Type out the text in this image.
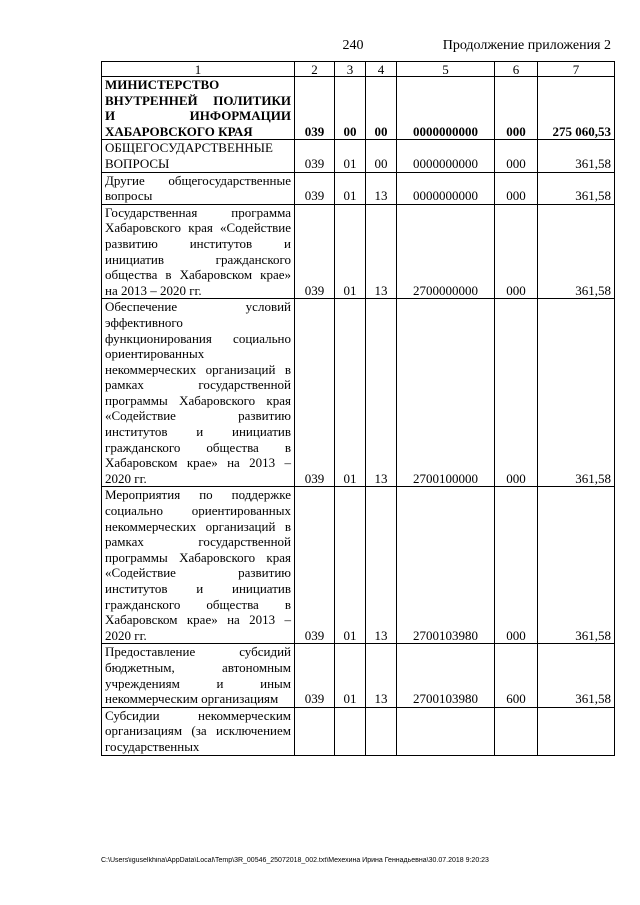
240	Продолжение приложения 2
1	2	3	4	5	6	7
МИНИСТЕРСТВО ВНУТРЕННЕЙ ПОЛИТИКИ И ИНФОРМАЦИИ ХАБАРОВСКОГО КРАЯ	039	00	00	0000000000	000	275 060,53
ОБЩЕГОСУДАРСТВЕННЫЕ ВОПРОСЫ	039	01	00	0000000000	000	361,58
Другие общегосударственные вопросы	039	01	13	0000000000	000	361,58
Государственная программа Хабаровского края «Содействие развитию институтов и инициатив гражданского общества в Хабаровском крае» на 2013 – 2020 гг.	039	01	13	2700000000	000	361,58
Обеспечение условий эффективного функционирования социально ориентированных некоммерческих организаций в рамках государственной программы Хабаровского края «Содействие развитию институтов и инициатив гражданского общества в Хабаровском крае» на 2013 – 2020 гг.	039	01	13	2700100000	000	361,58
Мероприятия по поддержке социально ориентированных некоммерческих организаций в рамках государственной программы Хабаровского края «Содействие развитию институтов и инициатив гражданского общества в Хабаровском крае» на 2013 – 2020 гг.	039	01	13	2700103980	000	361,58
Предоставление субсидий бюджетным, автономным учреждениям и иным некоммерческим организациям	039	01	13	2700103980	600	361,58
Субсидии некоммерческим организациям (за исключением государственных						
C:\Users\iguselkhina\AppData\Local\Temp\3R_00546_25072018_002.txt\Мехехина Ирина Геннадьевна\30.07.2018 9:20:23
